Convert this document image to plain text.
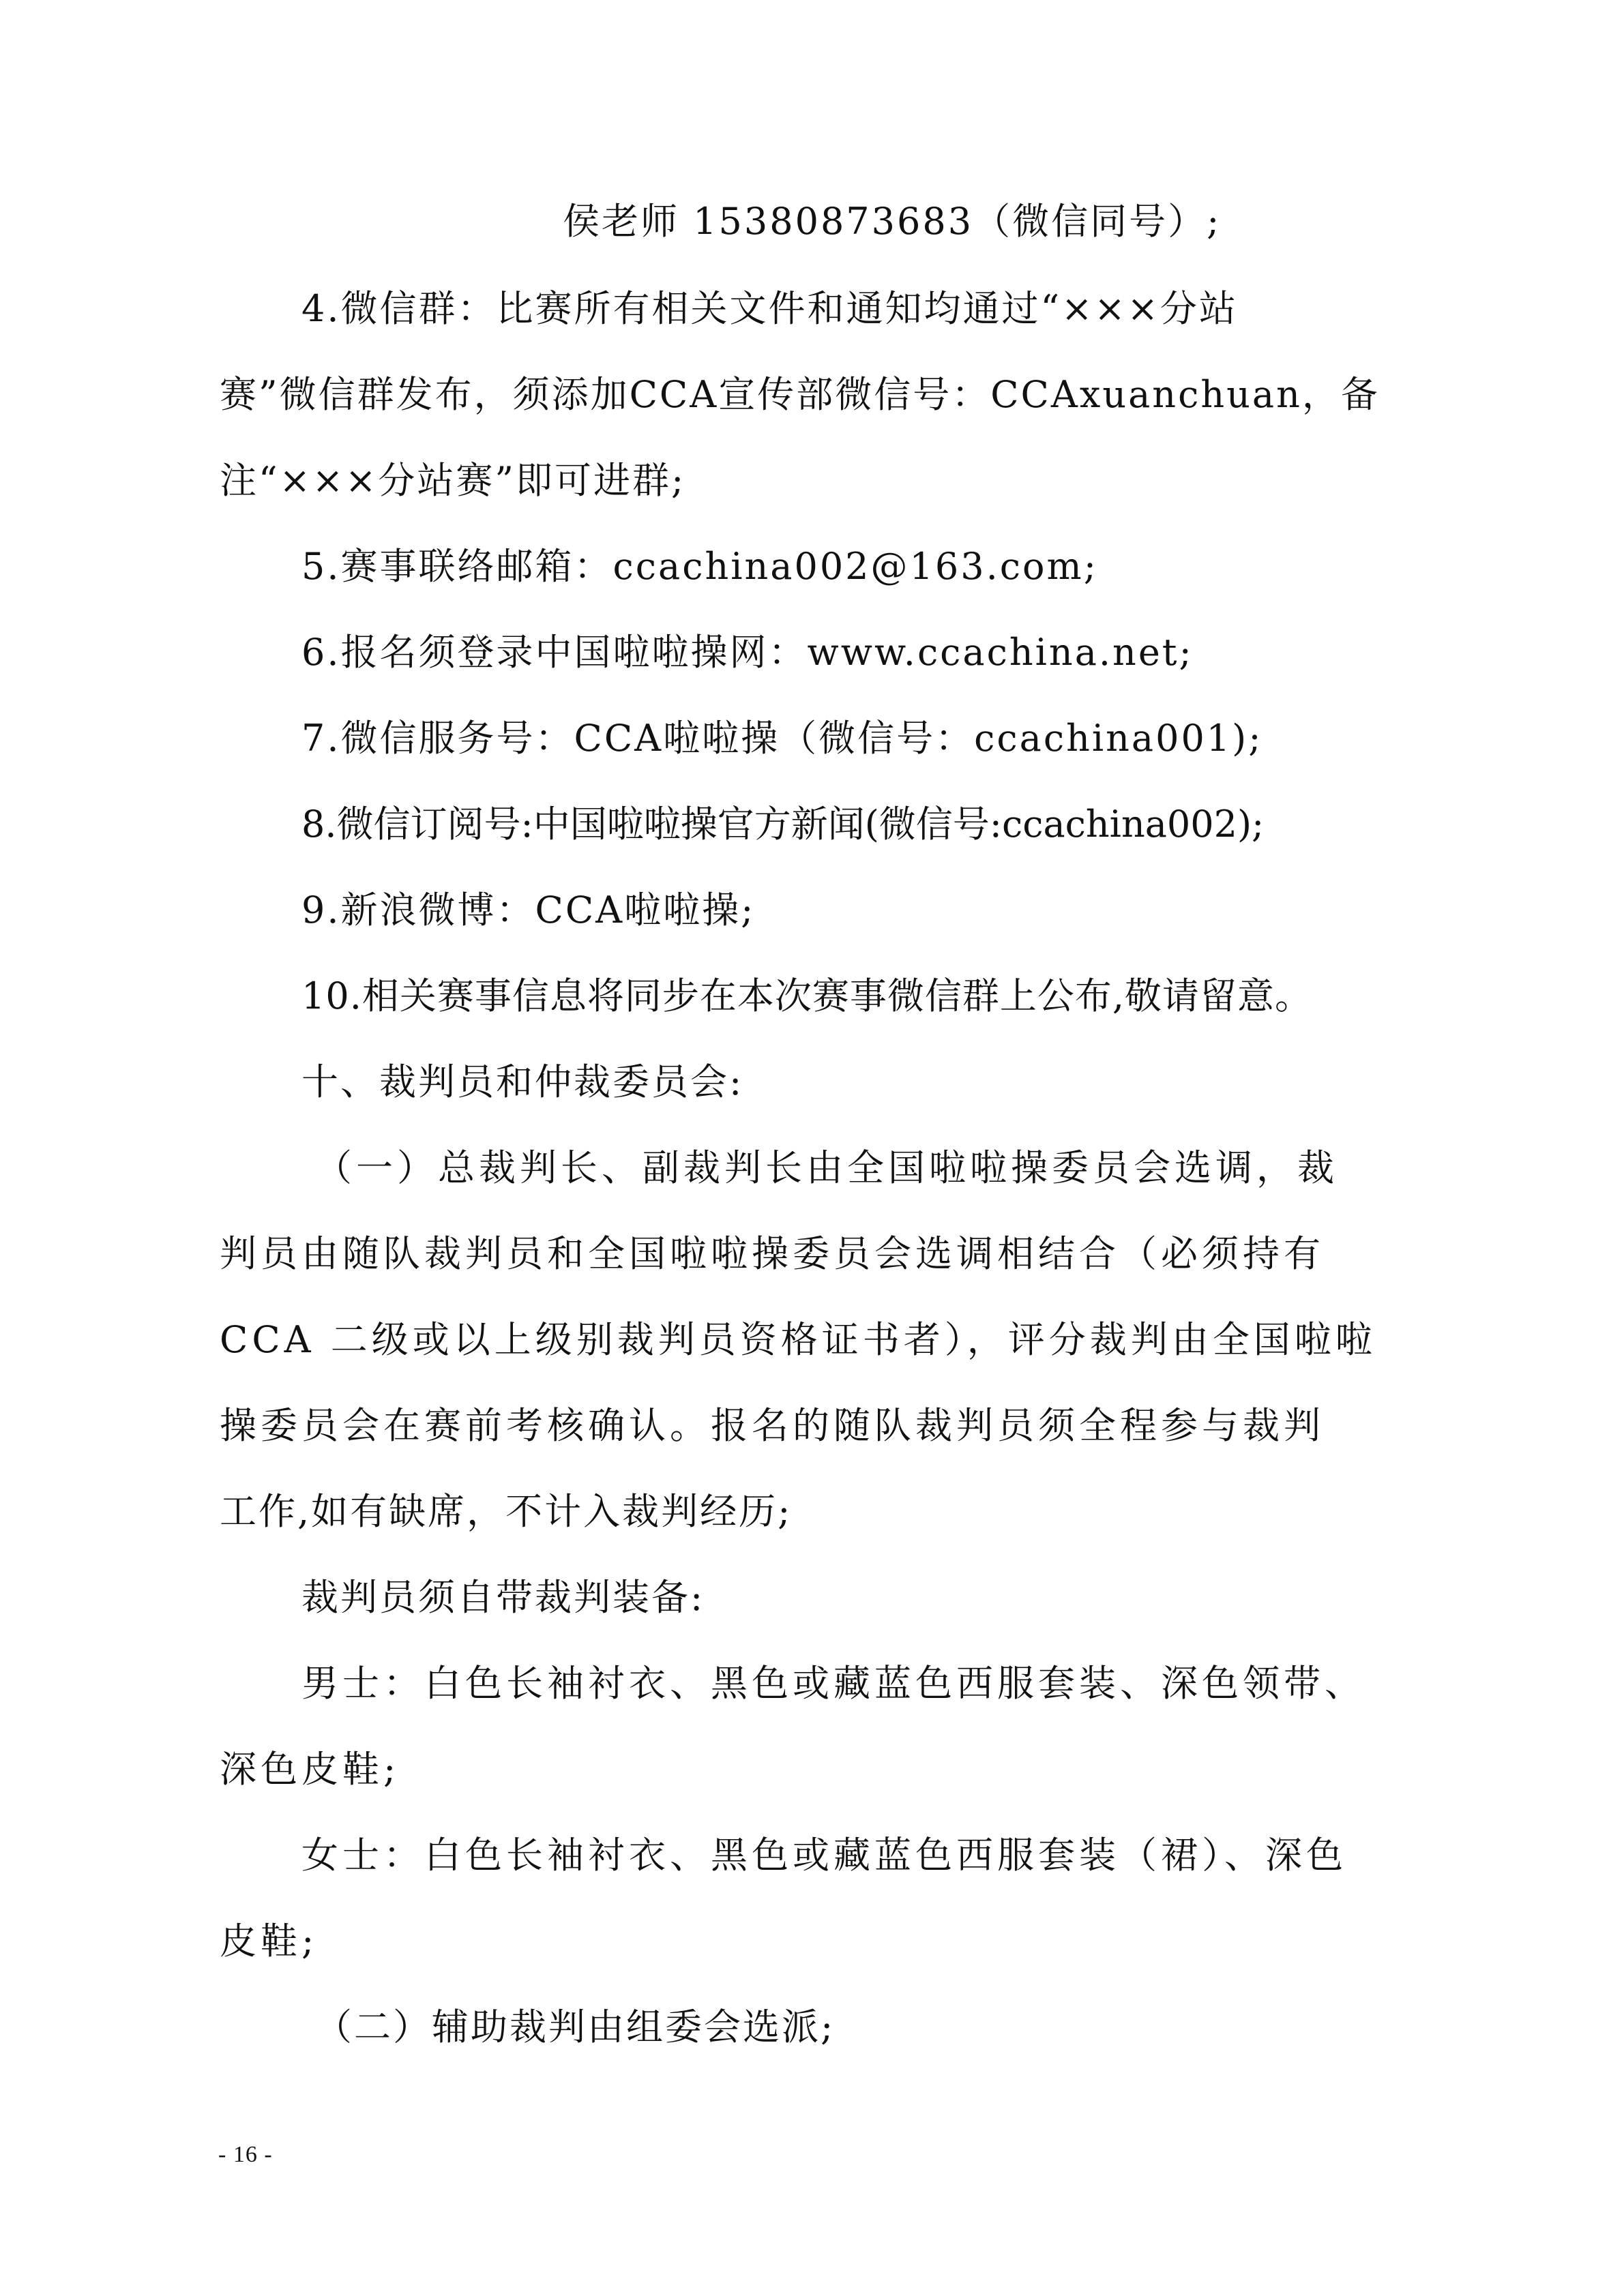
侯老师 15380873683（微信同号）;
4.微信群：比赛所有相关文件和通知均通过“×××分站
赛”微信群发布，须添加CCA宣传部微信号：CCAxuanchuan，备
注“×××分站赛”即可进群;
5.赛事联络邮箱：ccachina002@163.com;
6.报名须登录中国啦啦操网：www.ccachina.net;
7.微信服务号：CCA啦啦操（微信号：ccachina001);
8.微信订阅号:中国啦啦操官方新闻(微信号:ccachina002);
9.新浪微博：CCA啦啦操;
10.相关赛事信息将同步在本次赛事微信群上公布,敬请留意。
十、裁判员和仲裁委员会:
（一）总裁判长、副裁判长由全国啦啦操委员会选调，裁
判员由随队裁判员和全国啦啦操委员会选调相结合（必须持有
CCA 二级或以上级别裁判员资格证书者），评分裁判由全国啦啦
操委员会在赛前考核确认。报名的随队裁判员须全程参与裁判
工作,如有缺席，不计入裁判经历;
裁判员须自带裁判装备:
男士：白色长袖衬衣、黑色或藏蓝色西服套装、深色领带、
深色皮鞋;
女士：白色长袖衬衣、黑色或藏蓝色西服套装（裙）、深色
皮鞋;
（二）辅助裁判由组委会选派;
- 16 -
